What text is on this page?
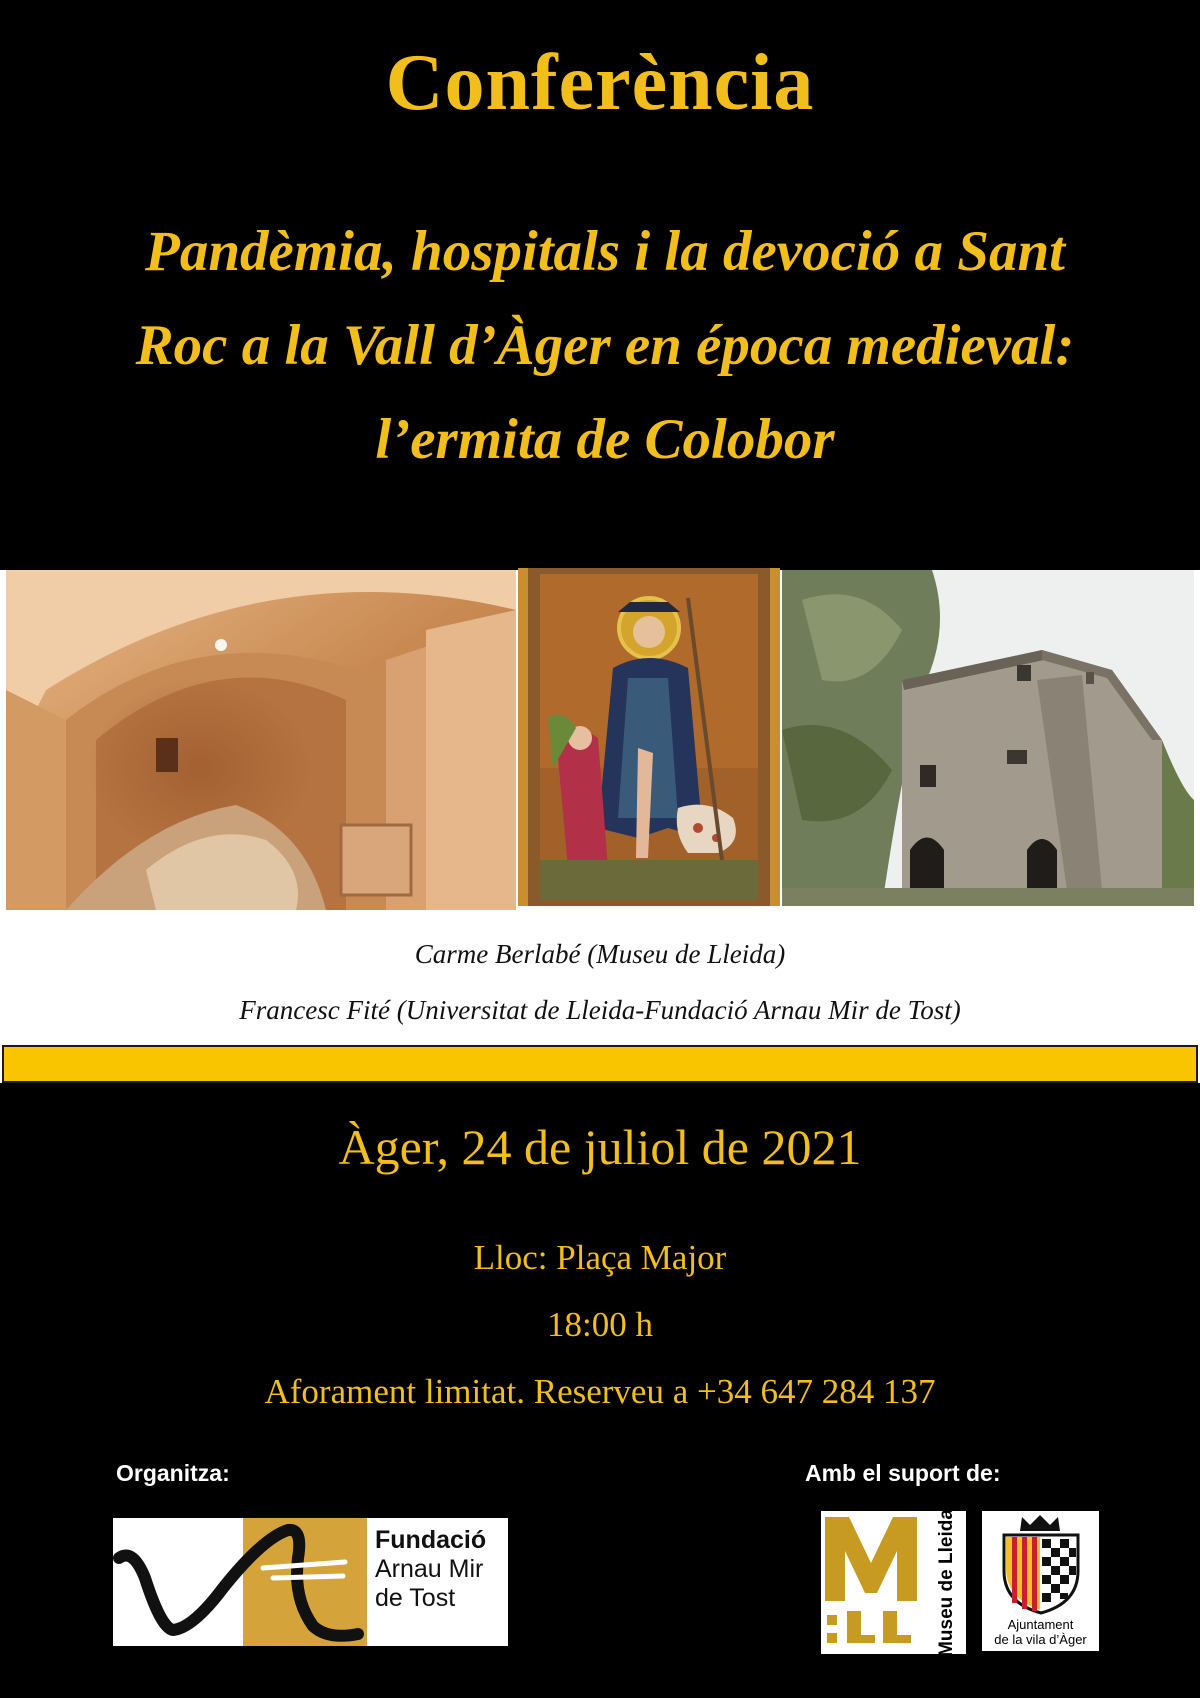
Conferència
Pandèmia, hospitals i la devoció a Sant
Roc a la Vall d’Àger en época medieval:
l’ermita de Colobor
Carme Berlabé (Museu de Lleida)
Francesc Fité (Universitat de Lleida-Fundació Arnau Mir de Tost)
Àger, 24 de juliol de 2021
Lloc: Plaça Major
18:00 h
Aforament limitat. Reserveu a +34 647 284 137
Organitza:	Amb el suport de:
Fundació
Arnau Mir
de Tost	Museu de Lleida	Ajuntament
de la vila d’Àger
